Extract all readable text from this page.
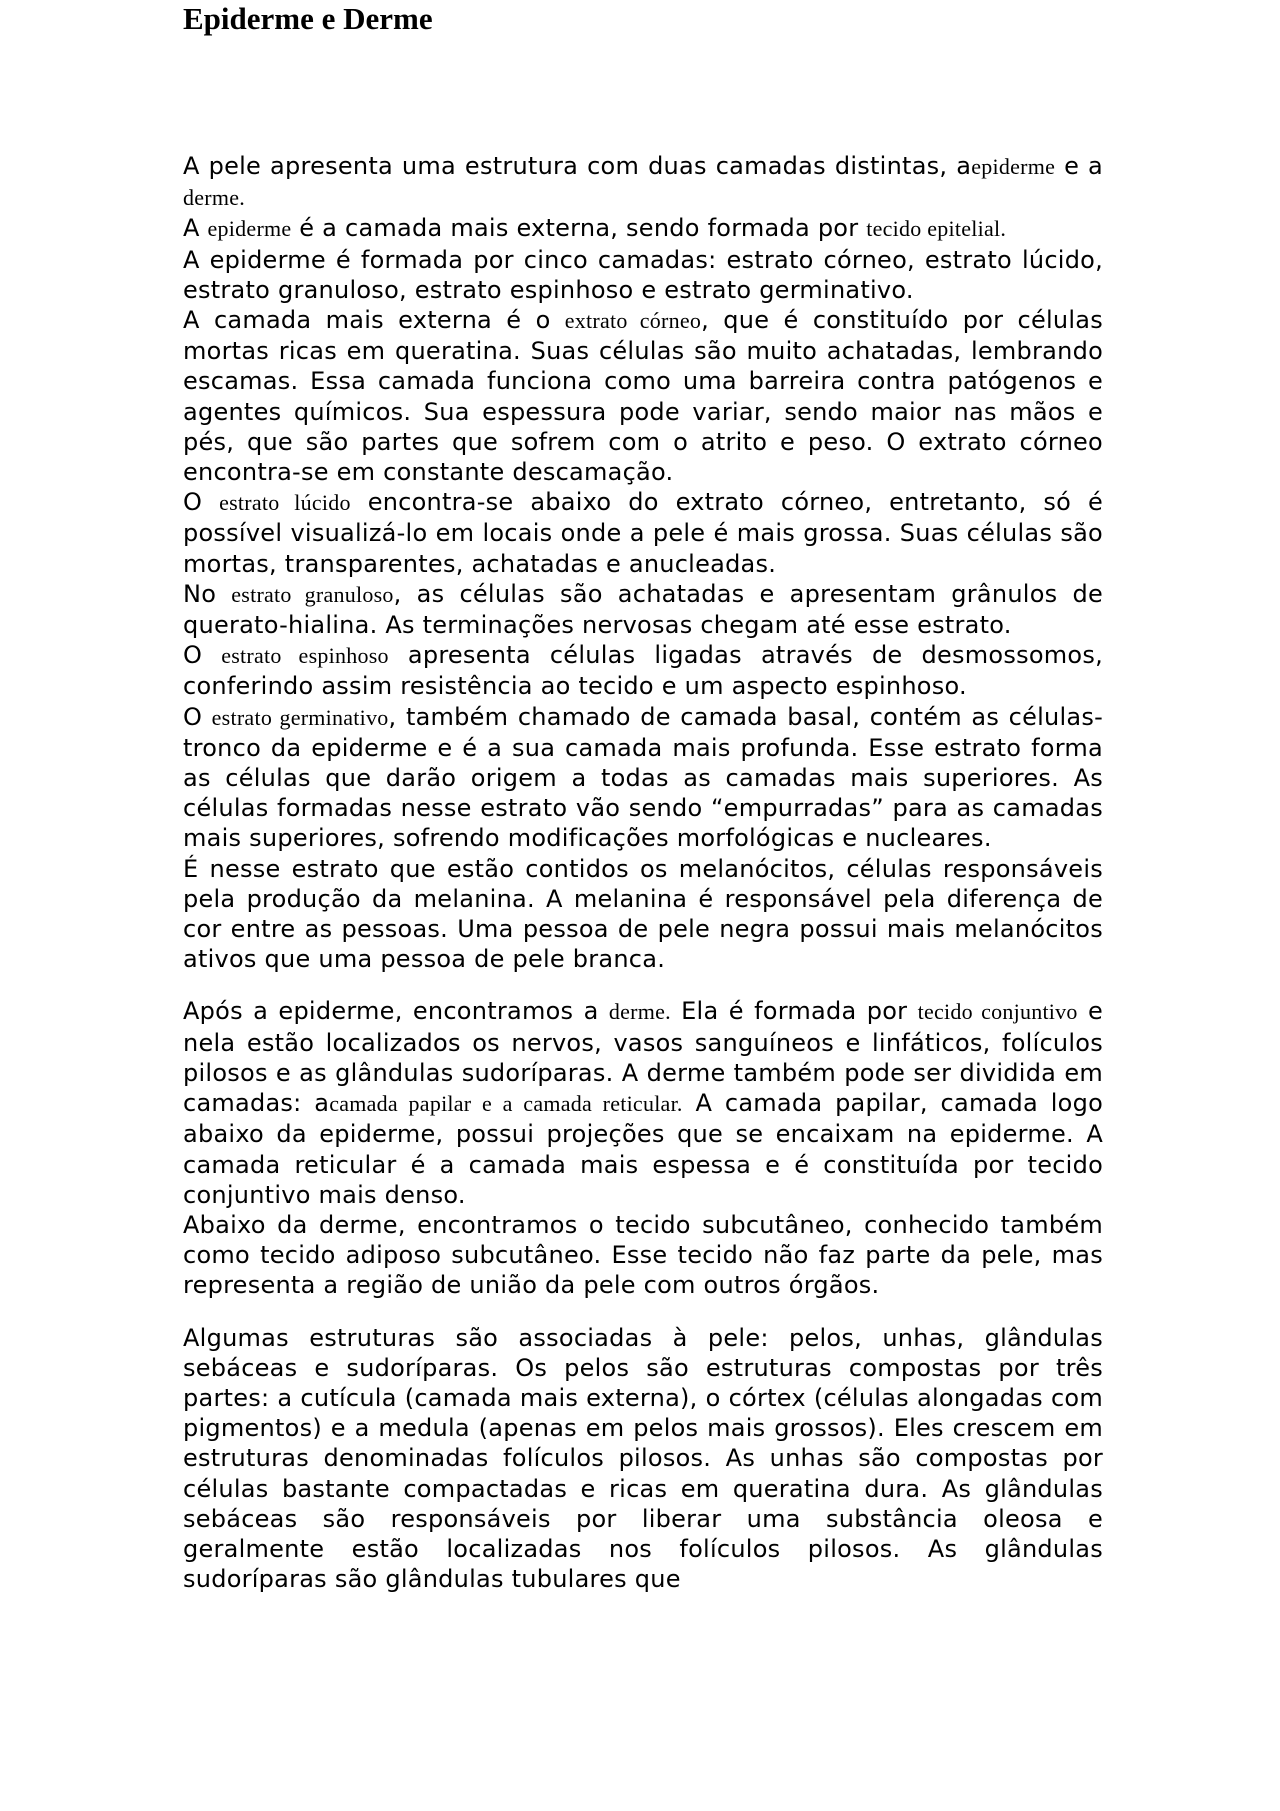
Epiderme e Derme

A pele apresenta uma estrutura com duas camadas distintas, aepiderme e a derme.

A epiderme é a camada mais externa, sendo formada por tecido epitelial.

A epiderme é formada por cinco camadas: estrato córneo, estrato lúcido, estrato granuloso, estrato espinhoso e estrato germinativo.

A camada mais externa é o extrato córneo, que é constituído por células mortas ricas em queratina. Suas células são muito achatadas, lembrando escamas. Essa camada funciona como uma barreira contra patógenos e agentes químicos. Sua espessura pode variar, sendo maior nas mãos e pés, que são partes que sofrem com o atrito e peso. O extrato córneo encontra-se em constante descamação.

O estrato lúcido encontra-se abaixo do extrato córneo, entretanto, só é possível visualizá-lo em locais onde a pele é mais grossa. Suas células são mortas, transparentes, achatadas e anucleadas.

No estrato granuloso, as células são achatadas e apresentam grânulos de querato-hialina. As terminações nervosas chegam até esse estrato.

O estrato espinhoso apresenta células ligadas através de desmossomos, conferindo assim resistência ao tecido e um aspecto espinhoso.

O estrato germinativo, também chamado de camada basal, contém as células-tronco da epiderme e é a sua camada mais profunda. Esse estrato forma as células que darão origem a todas as camadas mais superiores. As células formadas nesse estrato vão sendo “empurradas” para as camadas mais superiores, sofrendo modificações morfológicas e nucleares.

É nesse estrato que estão contidos os melanócitos, células responsáveis pela produção da melanina. A melanina é responsável pela diferença de cor entre as pessoas. Uma pessoa de pele negra possui mais melanócitos ativos que uma pessoa de pele branca.

Após a epiderme, encontramos a derme. Ela é formada por tecido conjuntivo e nela estão localizados os nervos, vasos sanguíneos e linfáticos, folículos pilosos e as glândulas sudoríparas. A derme também pode ser dividida em camadas: acamada papilar e a camada reticular. A camada papilar, camada logo abaixo da epiderme, possui projeções que se encaixam na epiderme. A camada reticular é a camada mais espessa e é constituída por tecido conjuntivo mais denso.

Abaixo da derme, encontramos o tecido subcutâneo, conhecido também como tecido adiposo subcutâneo. Esse tecido não faz parte da pele, mas representa a região de união da pele com outros órgãos.

Algumas estruturas são associadas à pele: pelos, unhas, glândulas sebáceas e sudoríparas. Os pelos são estruturas compostas por três partes: a cutícula (camada mais externa), o córtex (células alongadas com pigmentos) e a medula (apenas em pelos mais grossos). Eles crescem em estruturas denominadas folículos pilosos. As unhas são compostas por células bastante compactadas e ricas em queratina dura. As glândulas sebáceas são responsáveis por liberar uma substância oleosa e geralmente estão localizadas nos folículos pilosos. As glândulas sudoríparas são glândulas tubulares que
